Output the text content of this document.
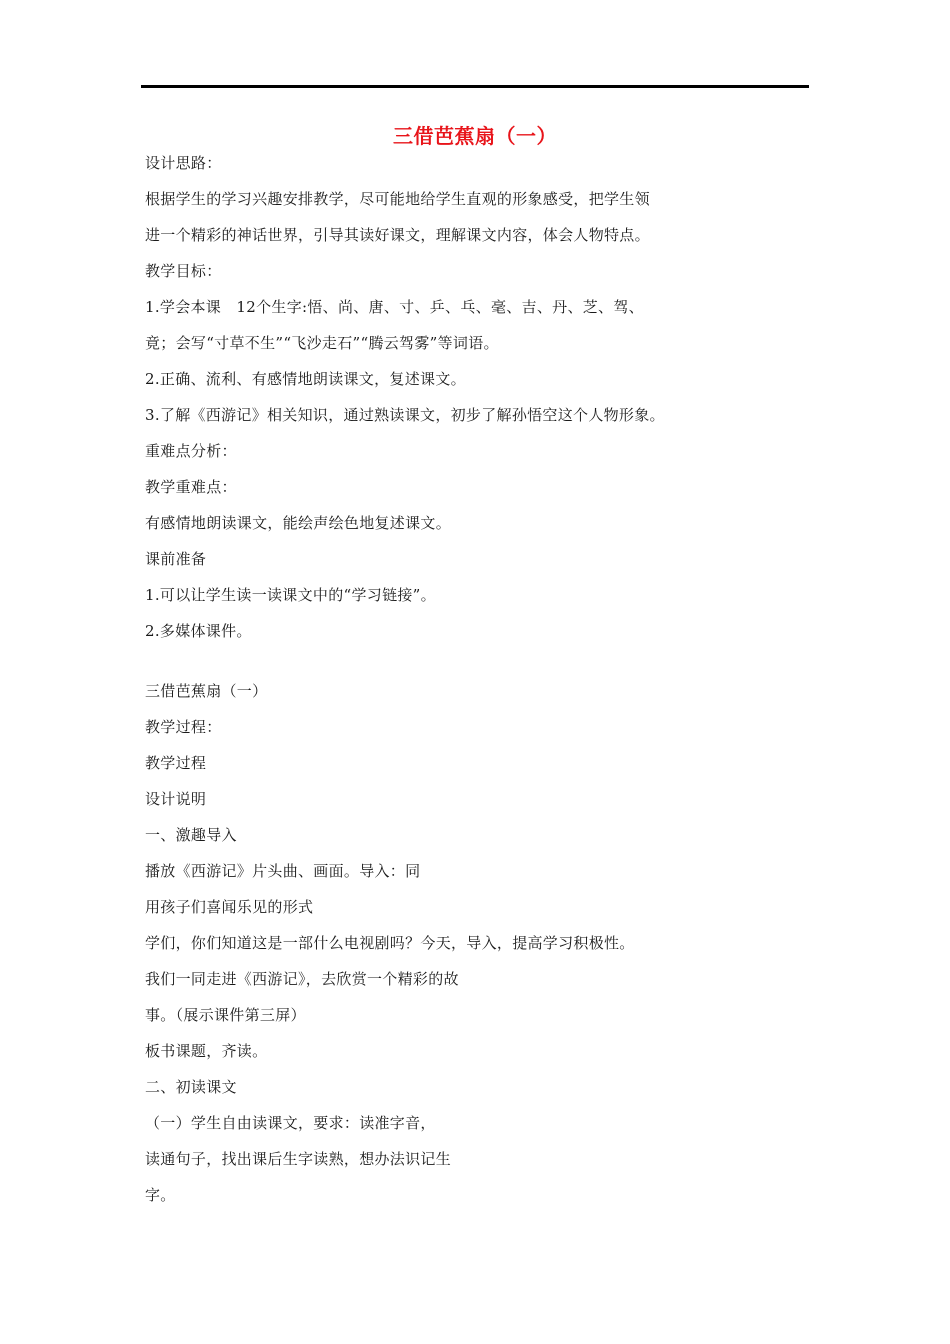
三借芭蕉扇（一）
设计思路：
根据学生的学习兴趣安排教学，尽可能地给学生直观的形象感受，把学生领
进一个精彩的神话世界，引导其读好课文，理解课文内容，体会人物特点。
教学目标：
1.学会本课　12个生字:悟、尚、唐、寸、乒、乓、毫、吉、丹、芝、驾、
竟；会写“寸草不生”“飞沙走石”“腾云驾雾”等词语。
2.正确、流利、有感情地朗读课文，复述课文。
3.了解《西游记》相关知识，通过熟读课文，初步了解孙悟空这个人物形象。
重难点分析：
教学重难点：
有感情地朗读课文，能绘声绘色地复述课文。
课前准备
1.可以让学生读一读课文中的“学习链接”。
2.多媒体课件。
三借芭蕉扇（一）
教学过程：
教学过程
设计说明
一、激趣导入
播放《西游记》片头曲、画面。导入：同
用孩子们喜闻乐见的形式
学们，你们知道这是一部什么电视剧吗？今天，导入，提高学习积极性。
我们一同走进《西游记》，去欣赏一个精彩的故
事。（展示课件第三屏）
板书课题，齐读。
二、初读课文
（一）学生自由读课文，要求：读准字音，
读通句子，找出课后生字读熟，想办法识记生
字。
